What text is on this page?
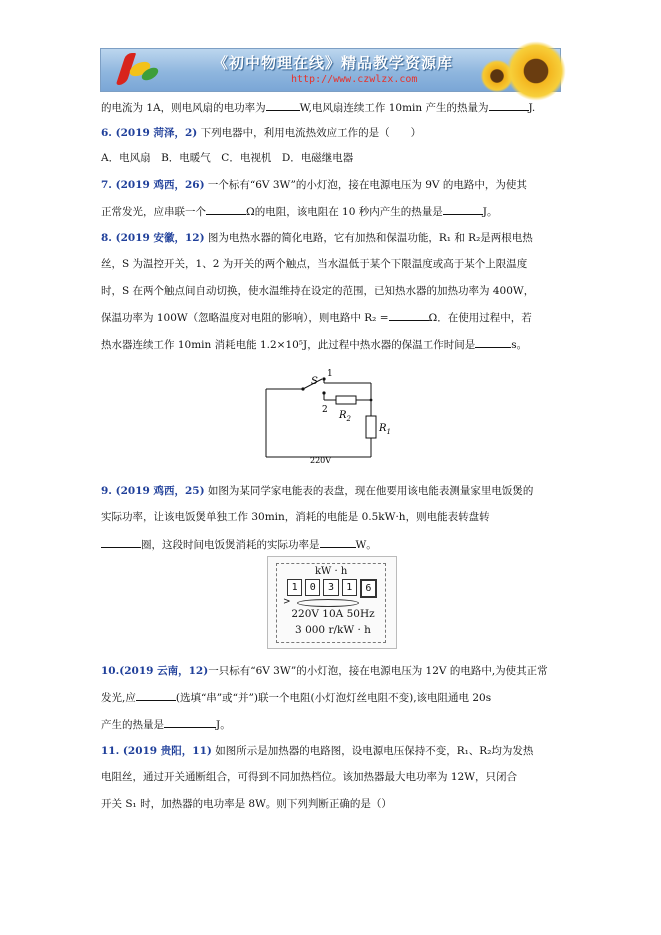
《初中物理在线》精品教学资源库
http://www.czwlzx.com
的电流为 1A，则电风扇的电功率为	W,电风扇连续工作 10min 产生的热量为	J.
6. (2019 菏泽，2) 下列电器中，利用电流热效应工作的是（　　）
A．电风扇　B．电暖气　C．电视机　D．电磁继电器
7. (2019 鸡西，26) 一个标有“6V 3W”的小灯泡，接在电源电压为 9V 的电路中，为使其
正常发光，应串联一个	Ω的电阻，该电阻在 10 秒内产生的热量是	J。
8. (2019 安徽，12) 图为电热水器的简化电路，它有加热和保温功能，R₁ 和 R₂是两根电热
丝，S 为温控开关，1、2 为开关的两个触点，当水温低于某个下限温度或高于某个上限温度
时，S 在两个触点间自动切换，使水温维持在设定的范围，已知热水器的加热功率为 400W，
保温功率为 100W（忽略温度对电阻的影响），则电路中 R₂ =	Ω．在使用过程中，若
热水器连续工作 10min 消耗电能 1.2×10⁵J，此过程中热水器的保温工作时间是	s。
9. (2019 鸡西，25) 如图为某同学家电能表的表盘，现在他要用该电能表测量家里电饭煲的
实际功率，让该电饭煲单独工作 30min，消耗的电能是 0.5kW·h，则电能表转盘转
圈，这段时间电饭煲消耗的实际功率是	W。
10.(2019 云南，12)一只标有“6V 3W”的小灯泡，接在电源电压为 12V 的电路中,为使其正常
发光,应	(选填“串”或“并”)联一个电阻(小灯泡灯丝电阻不变),该电阻通电 20s
产生的热量是	J。
11. (2019 贵阳，11) 如图所示是加热器的电路图，设电源电压保持不变，R₁、R₂均为发热
电阻丝，通过开关通断组合，可得到不同加热档位。该加热器最大电功率为 12W，只闭合
开关 S₁ 时，加热器的电功率是 8W。则下列判断正确的是（）
S
1
2 $R_2$
$R_1$
220V
kW · h
1	0	3	1	6
>
220V 10A 50Hz
3 000 r/kW · h
